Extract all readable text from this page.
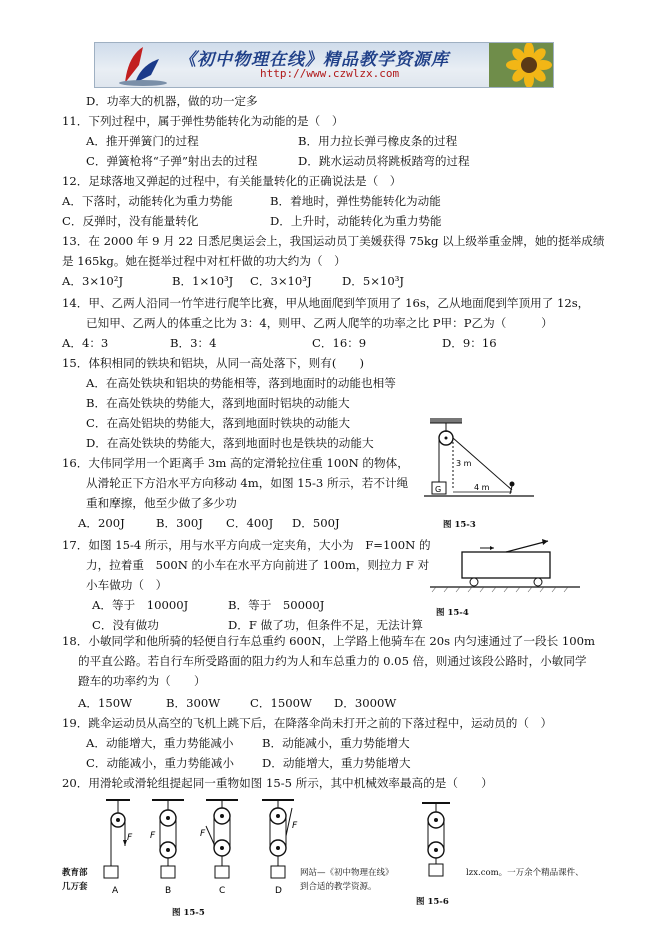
《初中物理在线》精品教学资源库
http://www.czwlzx.com
D．功率大的机器，做的功一定多
11．下列过程中，属于弹性势能转化为动能的是（　）
A．推开弹簧门的过程	B．用力拉长弹弓橡皮条的过程
C．弹簧枪将“子弹”射出去的过程	D．跳水运动员将跳板踏弯的过程
12．足球落地又弹起的过程中，有关能量转化的正确说法是（　）
A．下落时，动能转化为重力势能	B．着地时，弹性势能转化为动能
C．反弹时，没有能量转化	D．上升时，动能转化为重力势能
13．在 2000 年 9 月 22 日悉尼奥运会上，我国运动员丁美媛获得 75kg 以上级举重金牌，她的挺举成绩
是 165kg。她在挺举过程中对杠杆做的功大约为（　）
A．3×10²J	B．1×10³J C．3×10³J	D．5×10³J
14．甲、乙两人沿同一竹竿进行爬竿比赛，甲从地面爬到竿顶用了 16s，乙从地面爬到竿顶用了 12s，
已知甲、乙两人的体重之比为 3：4，则甲、乙两人爬竿的功率之比 P甲：P乙为（　　　）
A．4：3	B．3：4	C．16：9	D．9：16
15．体积相同的铁块和铝块，从同一高处落下，则有(　　)
A．在高处铁块和铝块的势能相等，落到地面时的动能也相等
B．在高处铁块的势能大，落到地面时铝块的动能大
C．在高处铝块的势能大，落到地面时铁块的动能大
D．在高处铁块的势能大，落到地面时也是铁块的动能大
16．大伟同学用一个距离手 3m 高的定滑轮拉住重 100N 的物体，
从滑轮正下方沿水平方向移动 4m，如图 15-3 所示，若不计绳
重和摩擦，他至少做了多少功
A．200J	B．300J C．400J D．500J
G
3 m
4 m
图 15-3
17．如图 15-4 所示，用与水平方向成一定夹角，大小为　F=100N 的
力，拉着重　500N 的小车在水平方向前进了 100m，则拉力 F 对
小车做功（　）
A．等于　10000J	B．等于　50000J
C．没有做功	D．F 做了功，但条件不足，无法计算
图 15-4
18．小敏同学和他所骑的轻便自行车总重约 600N，上学路上他骑车在 20s 内匀速通过了一段长 100m
的平直公路。若自行车所受路面的阻力约为人和车总重力的 0.05 倍，则通过该段公路时，小敏同学
蹬车的功率约为（　　）
A．150W	B．300W	C．1500W D．3000W
19．跳伞运动员从高空的飞机上跳下后，在降落伞尚未打开之前的下落过程中，运动员的（　）
A．动能增大，重力势能减小 B．动能减小，重力势能增大
C．动能减小，重力势能减小 D．动能增大，重力势能增大
20．用滑轮或滑轮组提起同一重物如图 15-5 所示，其中机械效率最高的是（　　）
F F	F
F
A	B	C	D
图 15-5
图 15-6
教育部
几万套
网站—《初中物理在线》
到合适的教学资源。
lzx.com。一万余个精品课件、
